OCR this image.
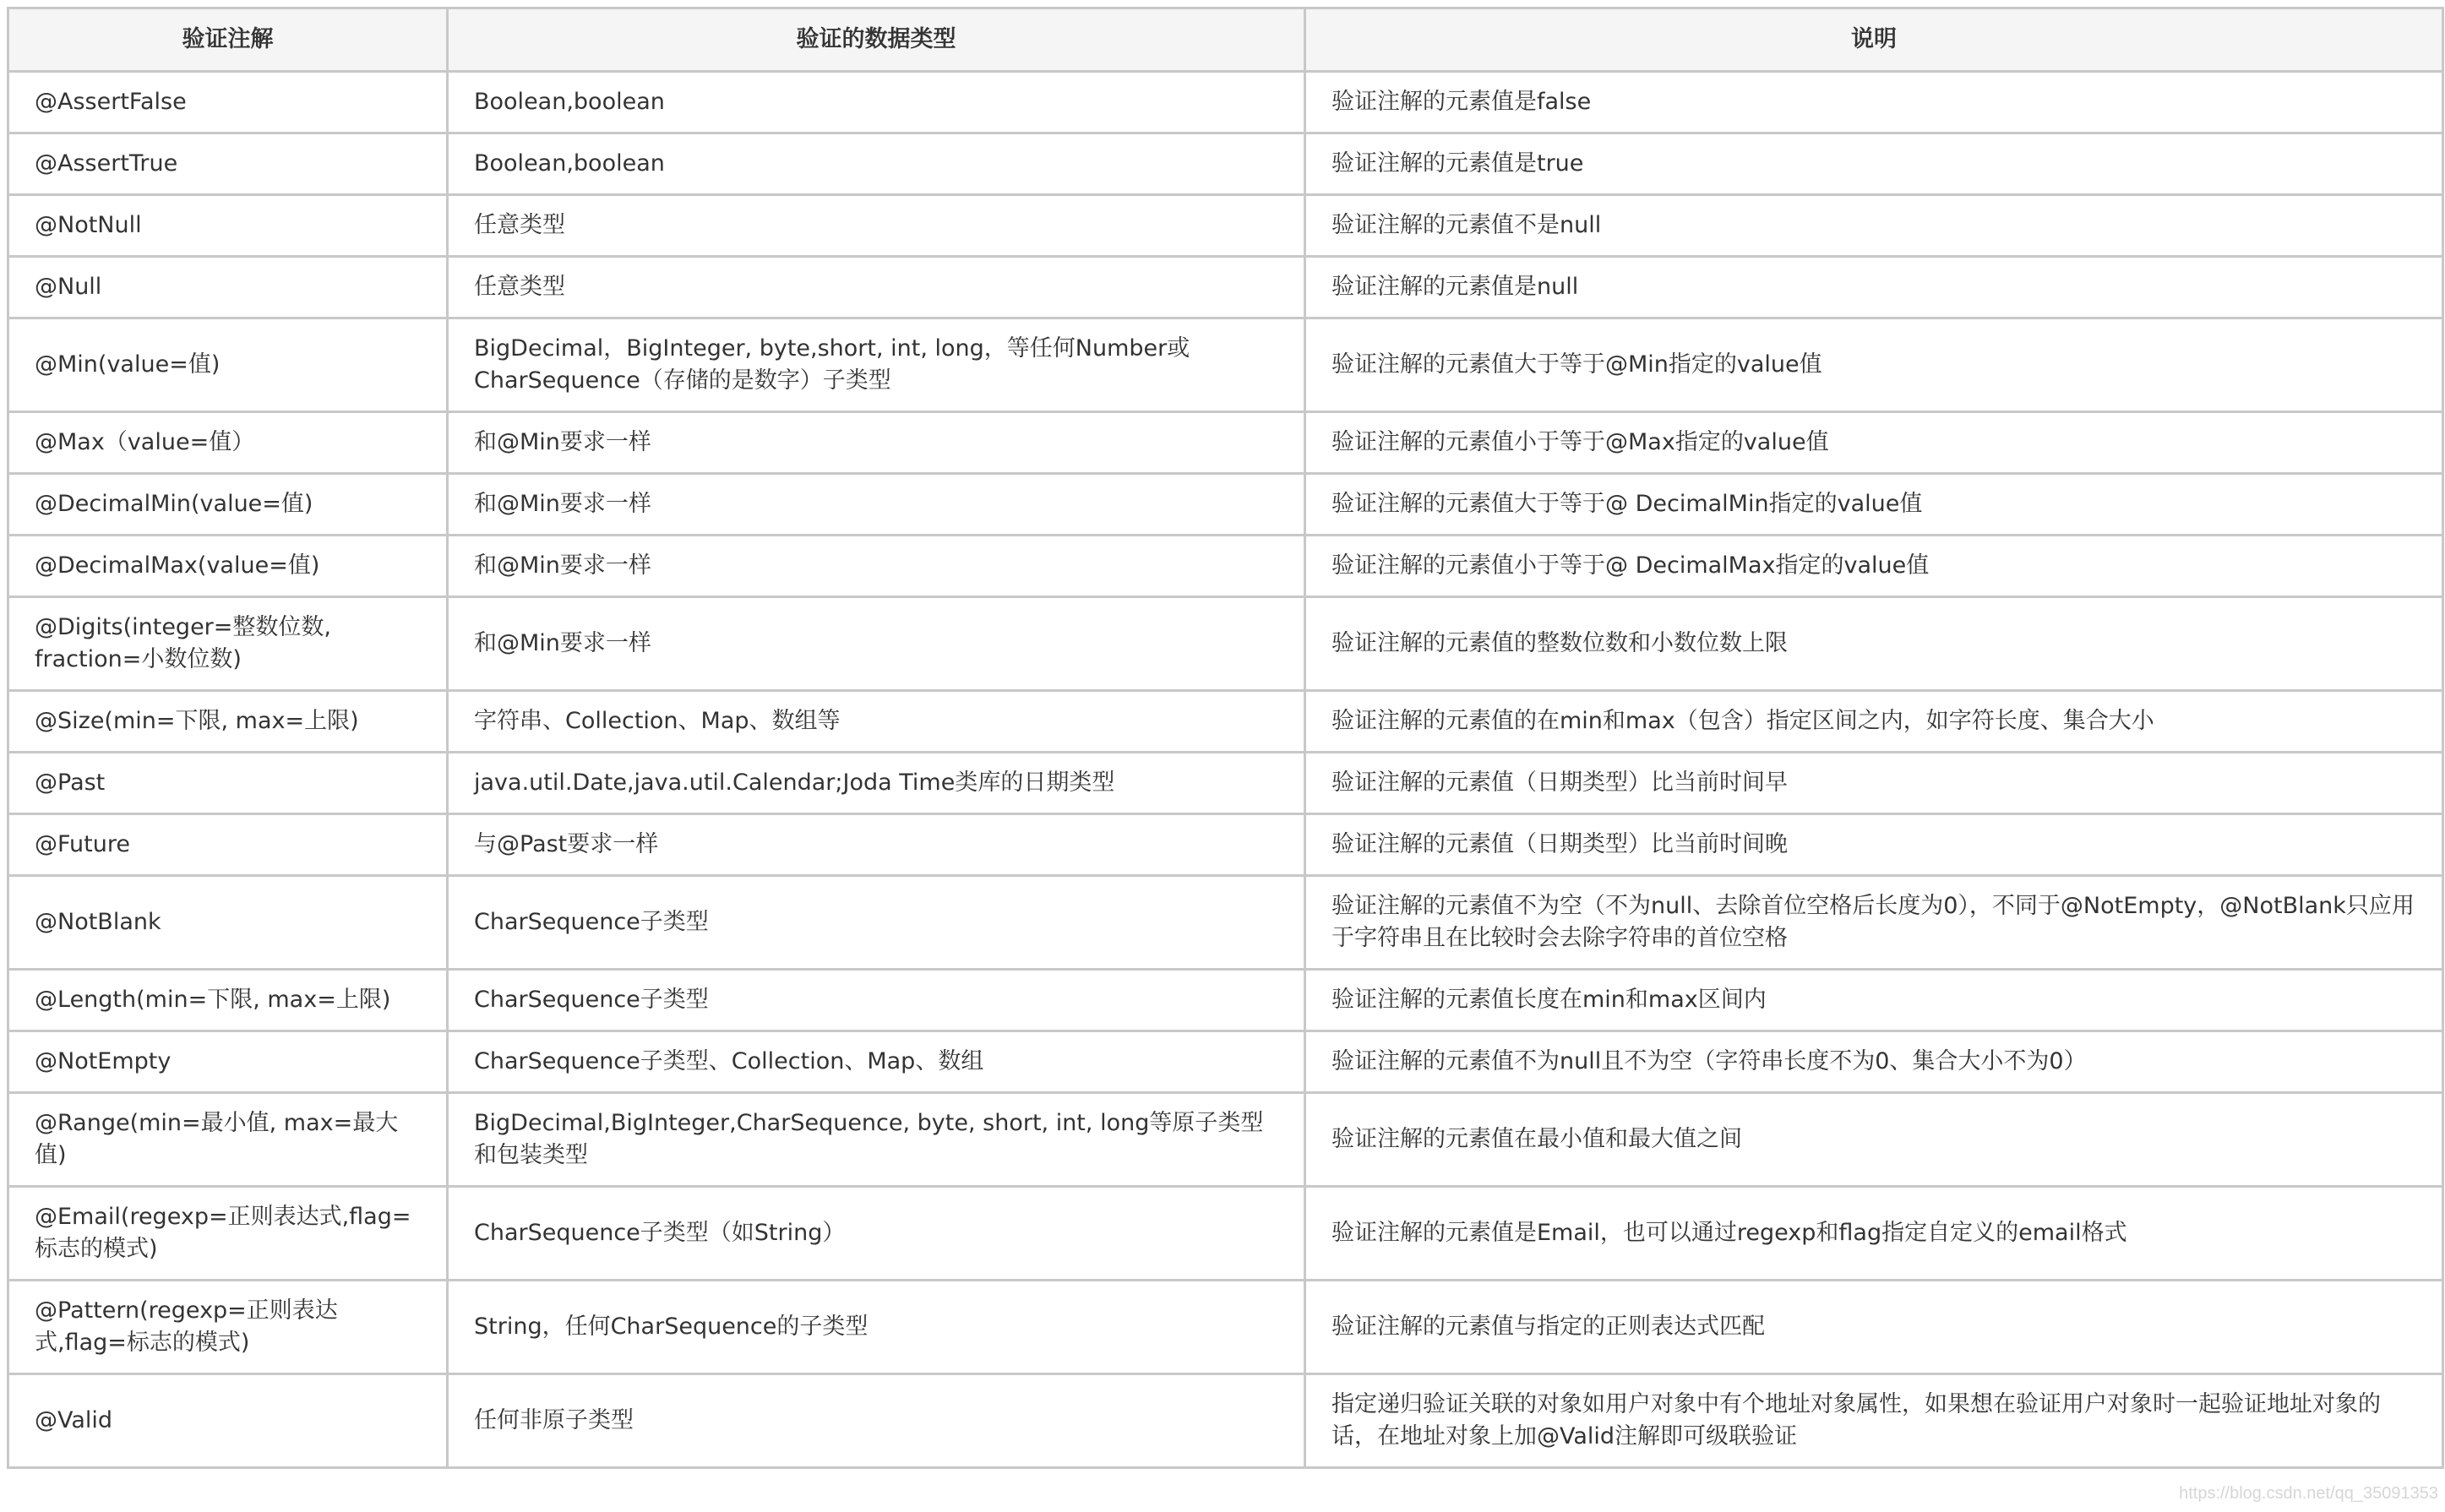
验证注解	验证的数据类型	说明
@AssertFalse	Boolean,boolean	验证注解的元素值是false
@AssertTrue	Boolean,boolean	验证注解的元素值是true
@NotNull	任意类型	验证注解的元素值不是null
@Null	任意类型	验证注解的元素值是null
@Min(value=值)	BigDecimal，BigInteger, byte,short, int, long，等任何Number或CharSequence（存储的是数字）子类型	验证注解的元素值大于等于@Min指定的value值
@Max（value=值）	和@Min要求一样	验证注解的元素值小于等于@Max指定的value值
@DecimalMin(value=值)	和@Min要求一样	验证注解的元素值大于等于@ DecimalMin指定的value值
@DecimalMax(value=值)	和@Min要求一样	验证注解的元素值小于等于@ DecimalMax指定的value值
@Digits(integer=整数位数, fraction=小数位数)	和@Min要求一样	验证注解的元素值的整数位数和小数位数上限
@Size(min=下限, max=上限)	字符串、Collection、Map、数组等	验证注解的元素值的在min和max（包含）指定区间之内，如字符长度、集合大小
@Past	java.util.Date,java.util.Calendar;Joda Time类库的日期类型	验证注解的元素值（日期类型）比当前时间早
@Future	与@Past要求一样	验证注解的元素值（日期类型）比当前时间晚
@NotBlank	CharSequence子类型	验证注解的元素值不为空（不为null、去除首位空格后长度为0），不同于@NotEmpty，@NotBlank只应用于字符串且在比较时会去除字符串的首位空格
@Length(min=下限, max=上限)	CharSequence子类型	验证注解的元素值长度在min和max区间内
@NotEmpty	CharSequence子类型、Collection、Map、数组	验证注解的元素值不为null且不为空（字符串长度不为0、集合大小不为0）
@Range(min=最小值, max=最大值)	BigDecimal,BigInteger,CharSequence, byte, short, int, long等原子类型和包装类型	验证注解的元素值在最小值和最大值之间
@Email(regexp=正则表达式,flag=标志的模式)	CharSequence子类型（如String）	验证注解的元素值是Email，也可以通过regexp和flag指定自定义的email格式
@Pattern(regexp=正则表达式,flag=标志的模式)	String，任何CharSequence的子类型	验证注解的元素值与指定的正则表达式匹配
@Valid	任何非原子类型	指定递归验证关联的对象如用户对象中有个地址对象属性，如果想在验证用户对象时一起验证地址对象的话，在地址对象上加@Valid注解即可级联验证
https://blog.csdn.net/qq_35091353
